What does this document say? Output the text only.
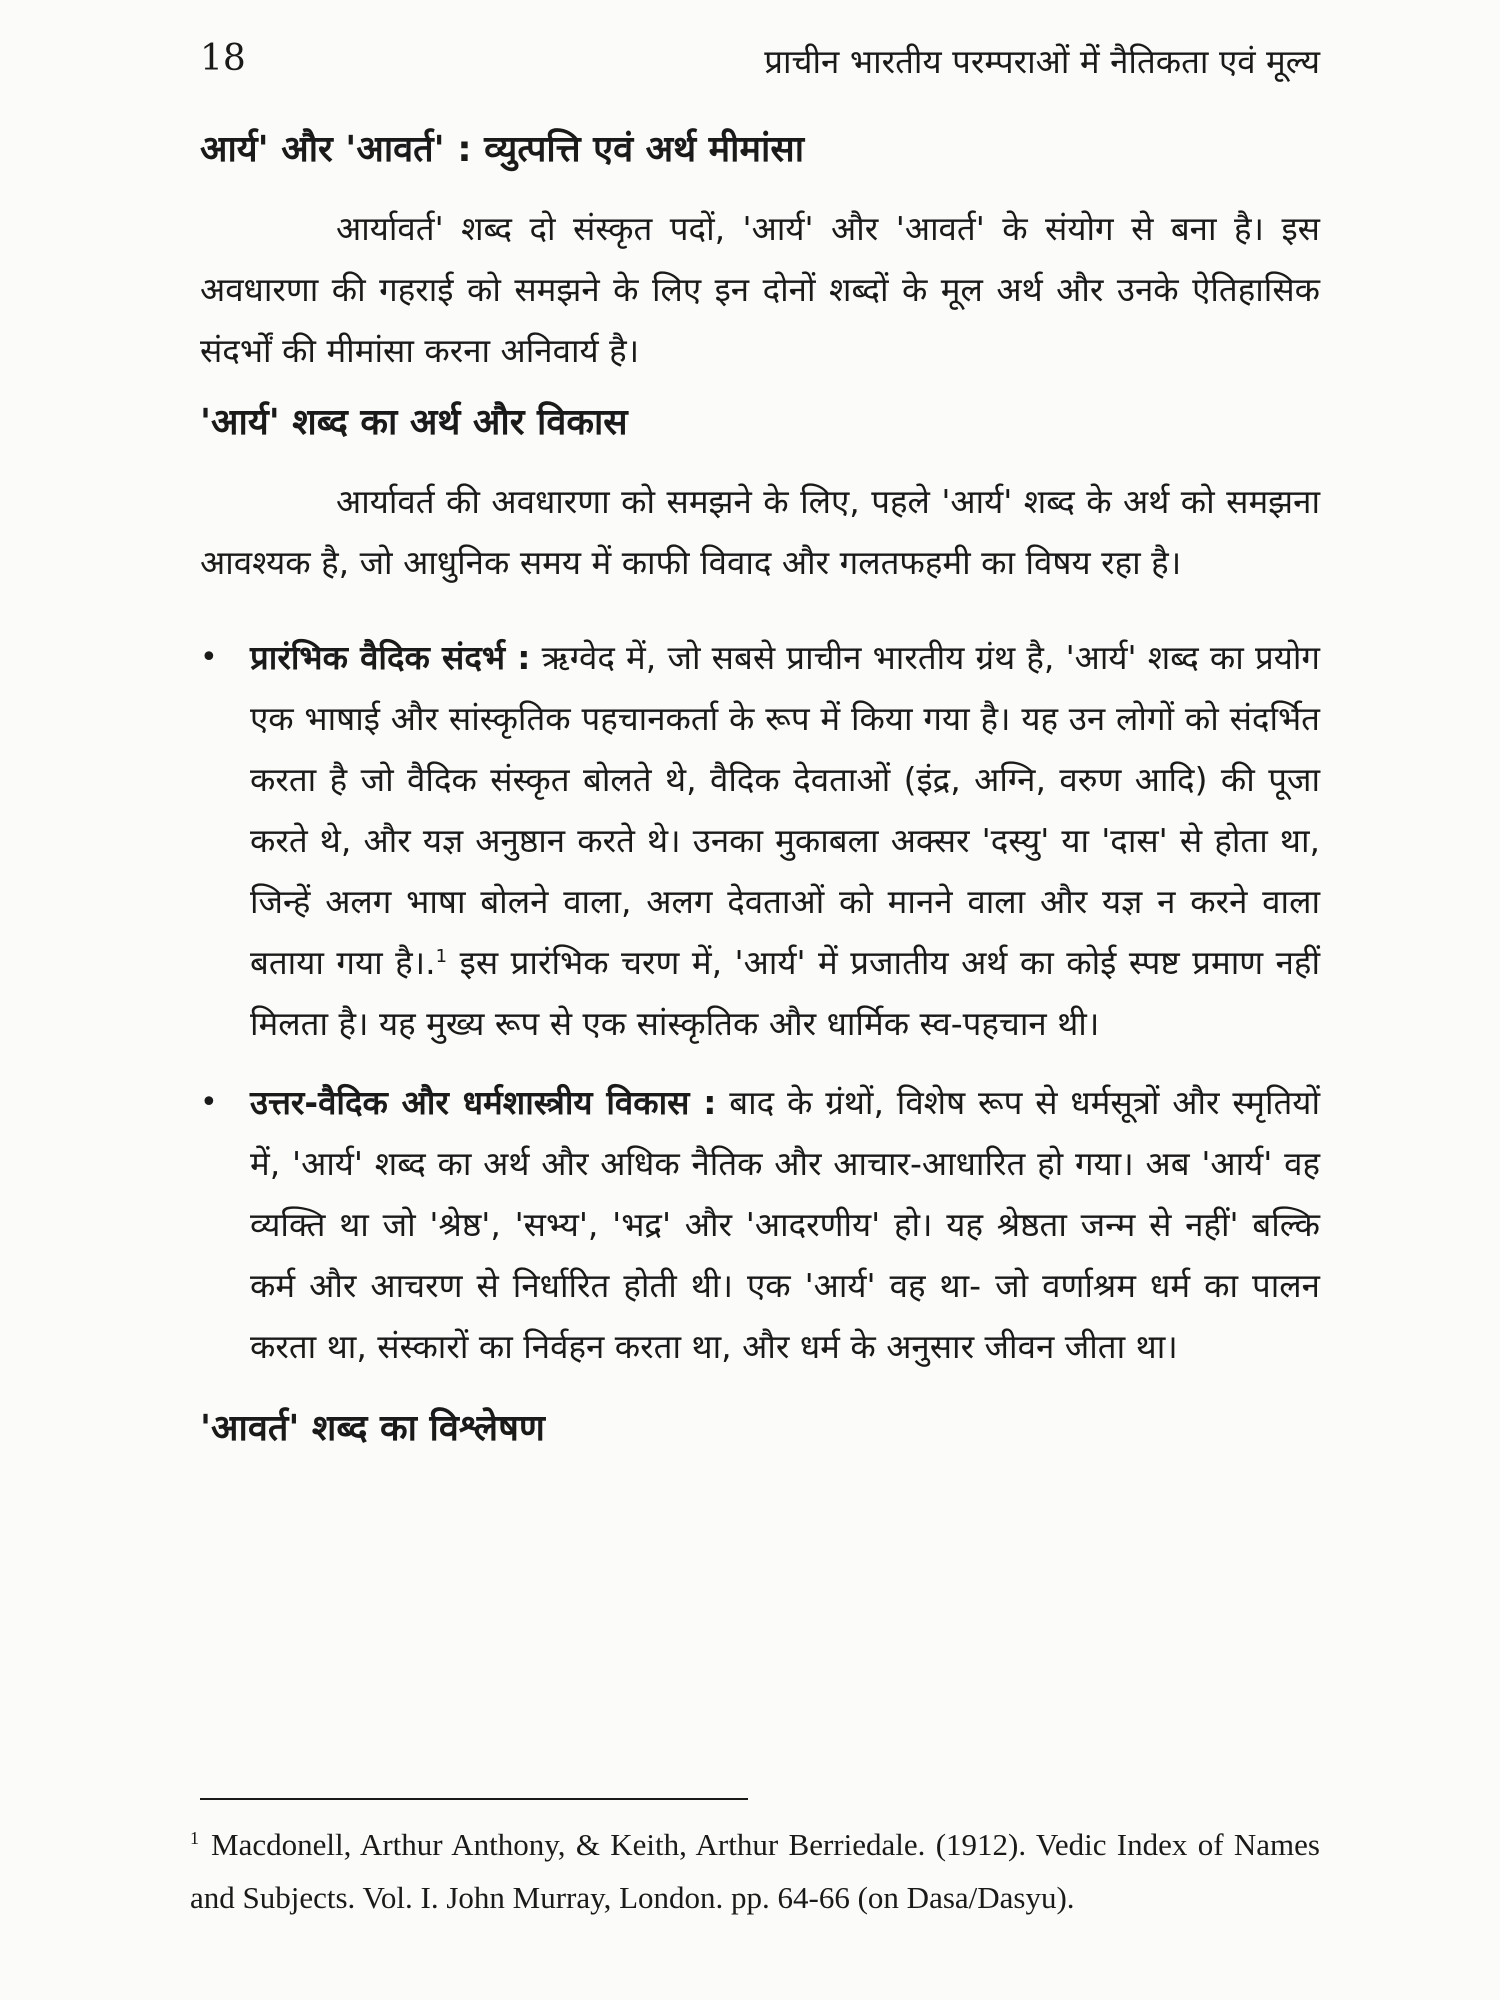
18	प्राचीन भारतीय परम्पराओं में नैतिकता एवं मूल्य
आर्य' और 'आवर्त' : व्युत्पत्ति एवं अर्थ मीमांसा

आर्यावर्त' शब्द दो संस्कृत पदों, 'आर्य' और 'आवर्त' के संयोग से बना है। इस अवधारणा की गहराई को समझने के लिए इन दोनों शब्दों के मूल अर्थ और उनके ऐतिहासिक संदर्भों की मीमांसा करना अनिवार्य है।

'आर्य' शब्द का अर्थ और विकास

आर्यावर्त की अवधारणा को समझने के लिए, पहले 'आर्य' शब्द के अर्थ को समझना आवश्यक है, जो आधुनिक समय में काफी विवाद और गलतफहमी का विषय रहा है।

• प्रारंभिक वैदिक संदर्भ : ऋग्वेद में, जो सबसे प्राचीन भारतीय ग्रंथ है, 'आर्य' शब्द का प्रयोग एक भाषाई और सांस्कृतिक पहचानकर्ता के रूप में किया गया है। यह उन लोगों को संदर्भित करता है जो वैदिक संस्कृत बोलते थे, वैदिक देवताओं (इंद्र, अग्नि, वरुण आदि) की पूजा करते थे, और यज्ञ अनुष्ठान करते थे। उनका मुकाबला अक्सर 'दस्यु' या 'दास' से होता था, जिन्हें अलग भाषा बोलने वाला, अलग देवताओं को मानने वाला और यज्ञ न करने वाला बताया गया है।.$^1$ इस प्रारंभिक चरण में, 'आर्य' में प्रजातीय अर्थ का कोई स्पष्ट प्रमाण नहीं मिलता है। यह मुख्य रूप से एक सांस्कृतिक और धार्मिक स्व-पहचान थी।
• उत्तर-वैदिक और धर्मशास्त्रीय विकास : बाद के ग्रंथों, विशेष रूप से धर्मसूत्रों और स्मृतियों में, 'आर्य' शब्द का अर्थ और अधिक नैतिक और आचार-आधारित हो गया। अब 'आर्य' वह व्यक्ति था जो 'श्रेष्ठ', 'सभ्य', 'भद्र' और 'आदरणीय' हो। यह श्रेष्ठता जन्म से नहीं' बल्कि कर्म और आचरण से निर्धारित होती थी। एक 'आर्य' वह था- जो वर्णाश्रम धर्म का पालन करता था, संस्कारों का निर्वहन करता था, और धर्म के अनुसार जीवन जीता था।
'आवर्त' शब्द का विश्लेषण
$^1$ Macdonell, Arthur Anthony, & Keith, Arthur Berriedale. (1912). Vedic Index of Names and Subjects. Vol. I. John Murray, London. pp. 64-66 (on Dasa/Dasyu).
